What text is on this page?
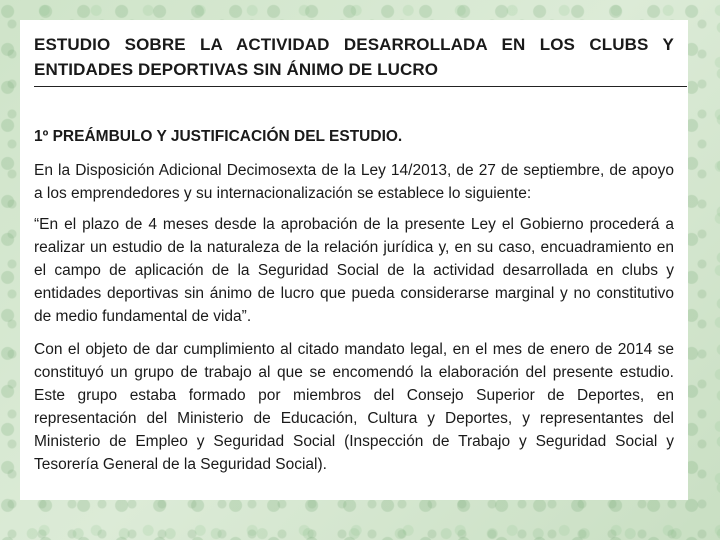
ESTUDIO SOBRE LA ACTIVIDAD DESARROLLADA EN LOS CLUBS Y ENTIDADES DEPORTIVAS SIN ÁNIMO DE LUCRO
1º PREÁMBULO Y JUSTIFICACIÓN DEL ESTUDIO.

En la Disposición Adicional Decimosexta de la Ley 14/2013, de 27 de septiembre, de apoyo a los emprendedores y su internacionalización se establece lo siguiente:

“En el plazo de 4 meses desde la aprobación de la presente Ley el Gobierno procederá a realizar un estudio de la naturaleza de la relación jurídica y, en su caso, encuadramiento en el campo de aplicación de la Seguridad Social de la actividad desarrollada en clubs y entidades deportivas sin ánimo de lucro que pueda considerarse marginal y no constitutivo de medio fundamental de vida”.

Con el objeto de dar cumplimiento al citado mandato legal, en el mes de enero de 2014 se constituyó un grupo de trabajo al que se encomendó la elaboración del presente estudio. Este grupo estaba formado por miembros del Consejo Superior de Deportes, en representación del Ministerio de Educación, Cultura y Deportes, y representantes del Ministerio de Empleo y Seguridad Social (Inspección de Trabajo y Seguridad Social y Tesorería General de la Seguridad Social).
